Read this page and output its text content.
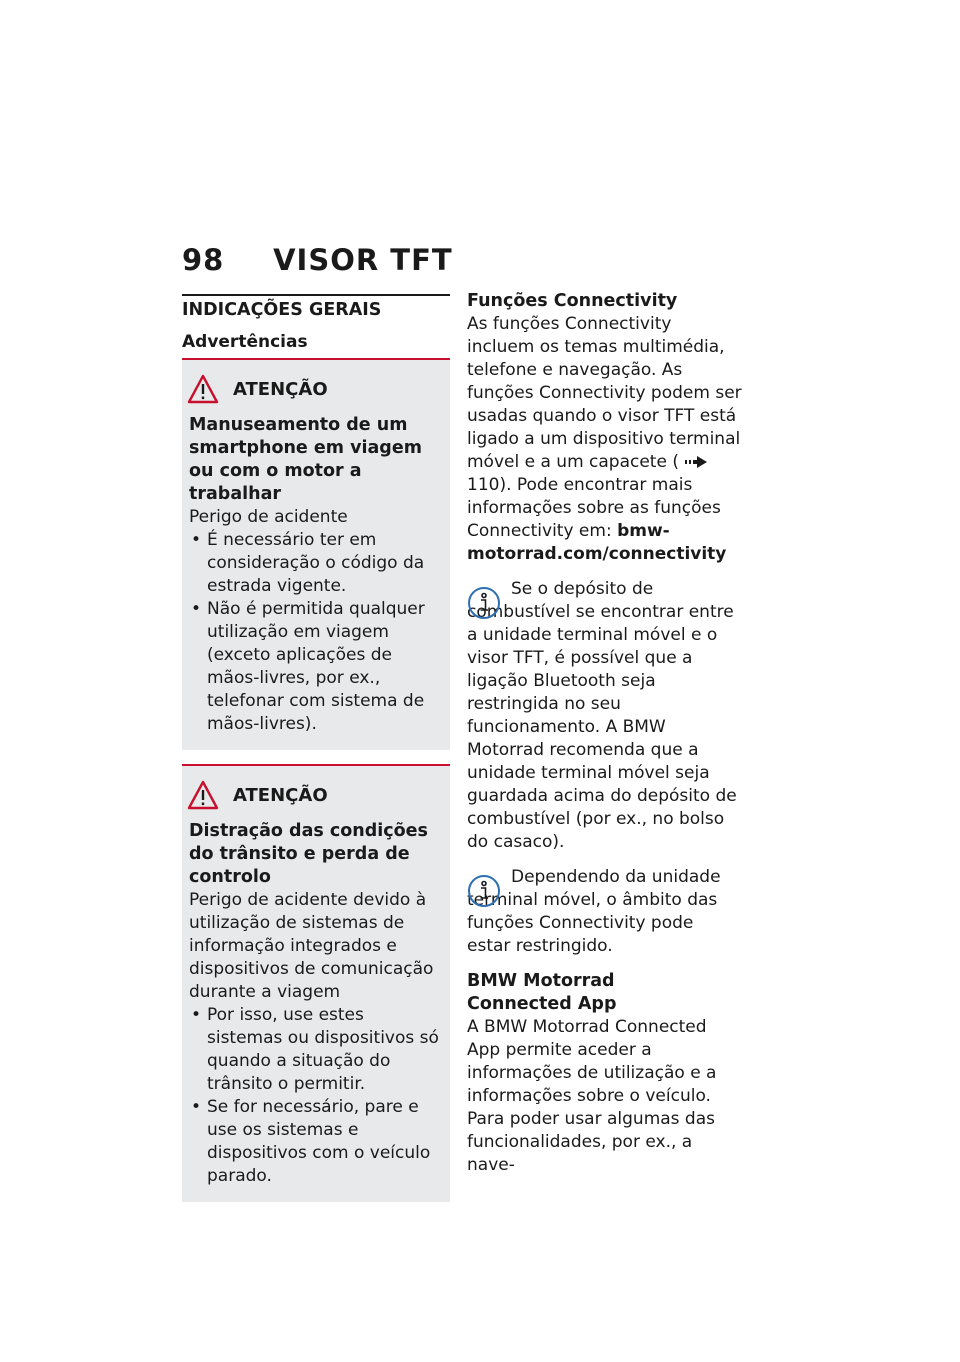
98 VISOR TFT
INDICAÇÕES GERAIS
Advertências
ATENÇÃO
Manuseamento de um smartphone em viagem ou com o motor a trabalhar
Perigo de acidente
• É necessário ter em consideração o código da estrada vigente.
• Não é permitida qualquer utilização em viagem (exceto aplicações de mãos-livres, por ex., telefonar com sistema de mãos-livres).
ATENÇÃO
Distração das condições do trânsito e perda de controlo
Perigo de acidente devido à utilização de sistemas de informação integrados e dispositivos de comunicação durante a viagem
• Por isso, use estes sistemas ou dispositivos só quando a situação do trânsito o permitir.
• Se for necessário, pare e use os sistemas e dispositivos com o veículo parado.
Funções Connectivity
As funções Connectivity incluem os temas multimédia, telefone e navegação. As funções Connectivity podem ser usadas quando o visor TFT está ligado a um dispositivo terminal móvel e a um capacete (110). Pode encontrar mais informações sobre as funções Connectivity em: bmw-motorrad.com/connectivity
Se o depósito de combustível se encontrar entre a unidade terminal móvel e o visor TFT, é possível que a ligação Bluetooth seja restringida no seu funcionamento. A BMW Motorrad recomenda que a unidade terminal móvel seja guardada acima do depósito de combustível (por ex., no bolso do casaco).
Dependendo da unidade terminal móvel, o âmbito das funções Connectivity pode estar restringido.
BMW Motorrad
Connected App
A BMW Motorrad Connected App permite aceder a informações de utilização e a informações sobre o veículo. Para poder usar algumas das funcionalidades, por ex., a nave-
